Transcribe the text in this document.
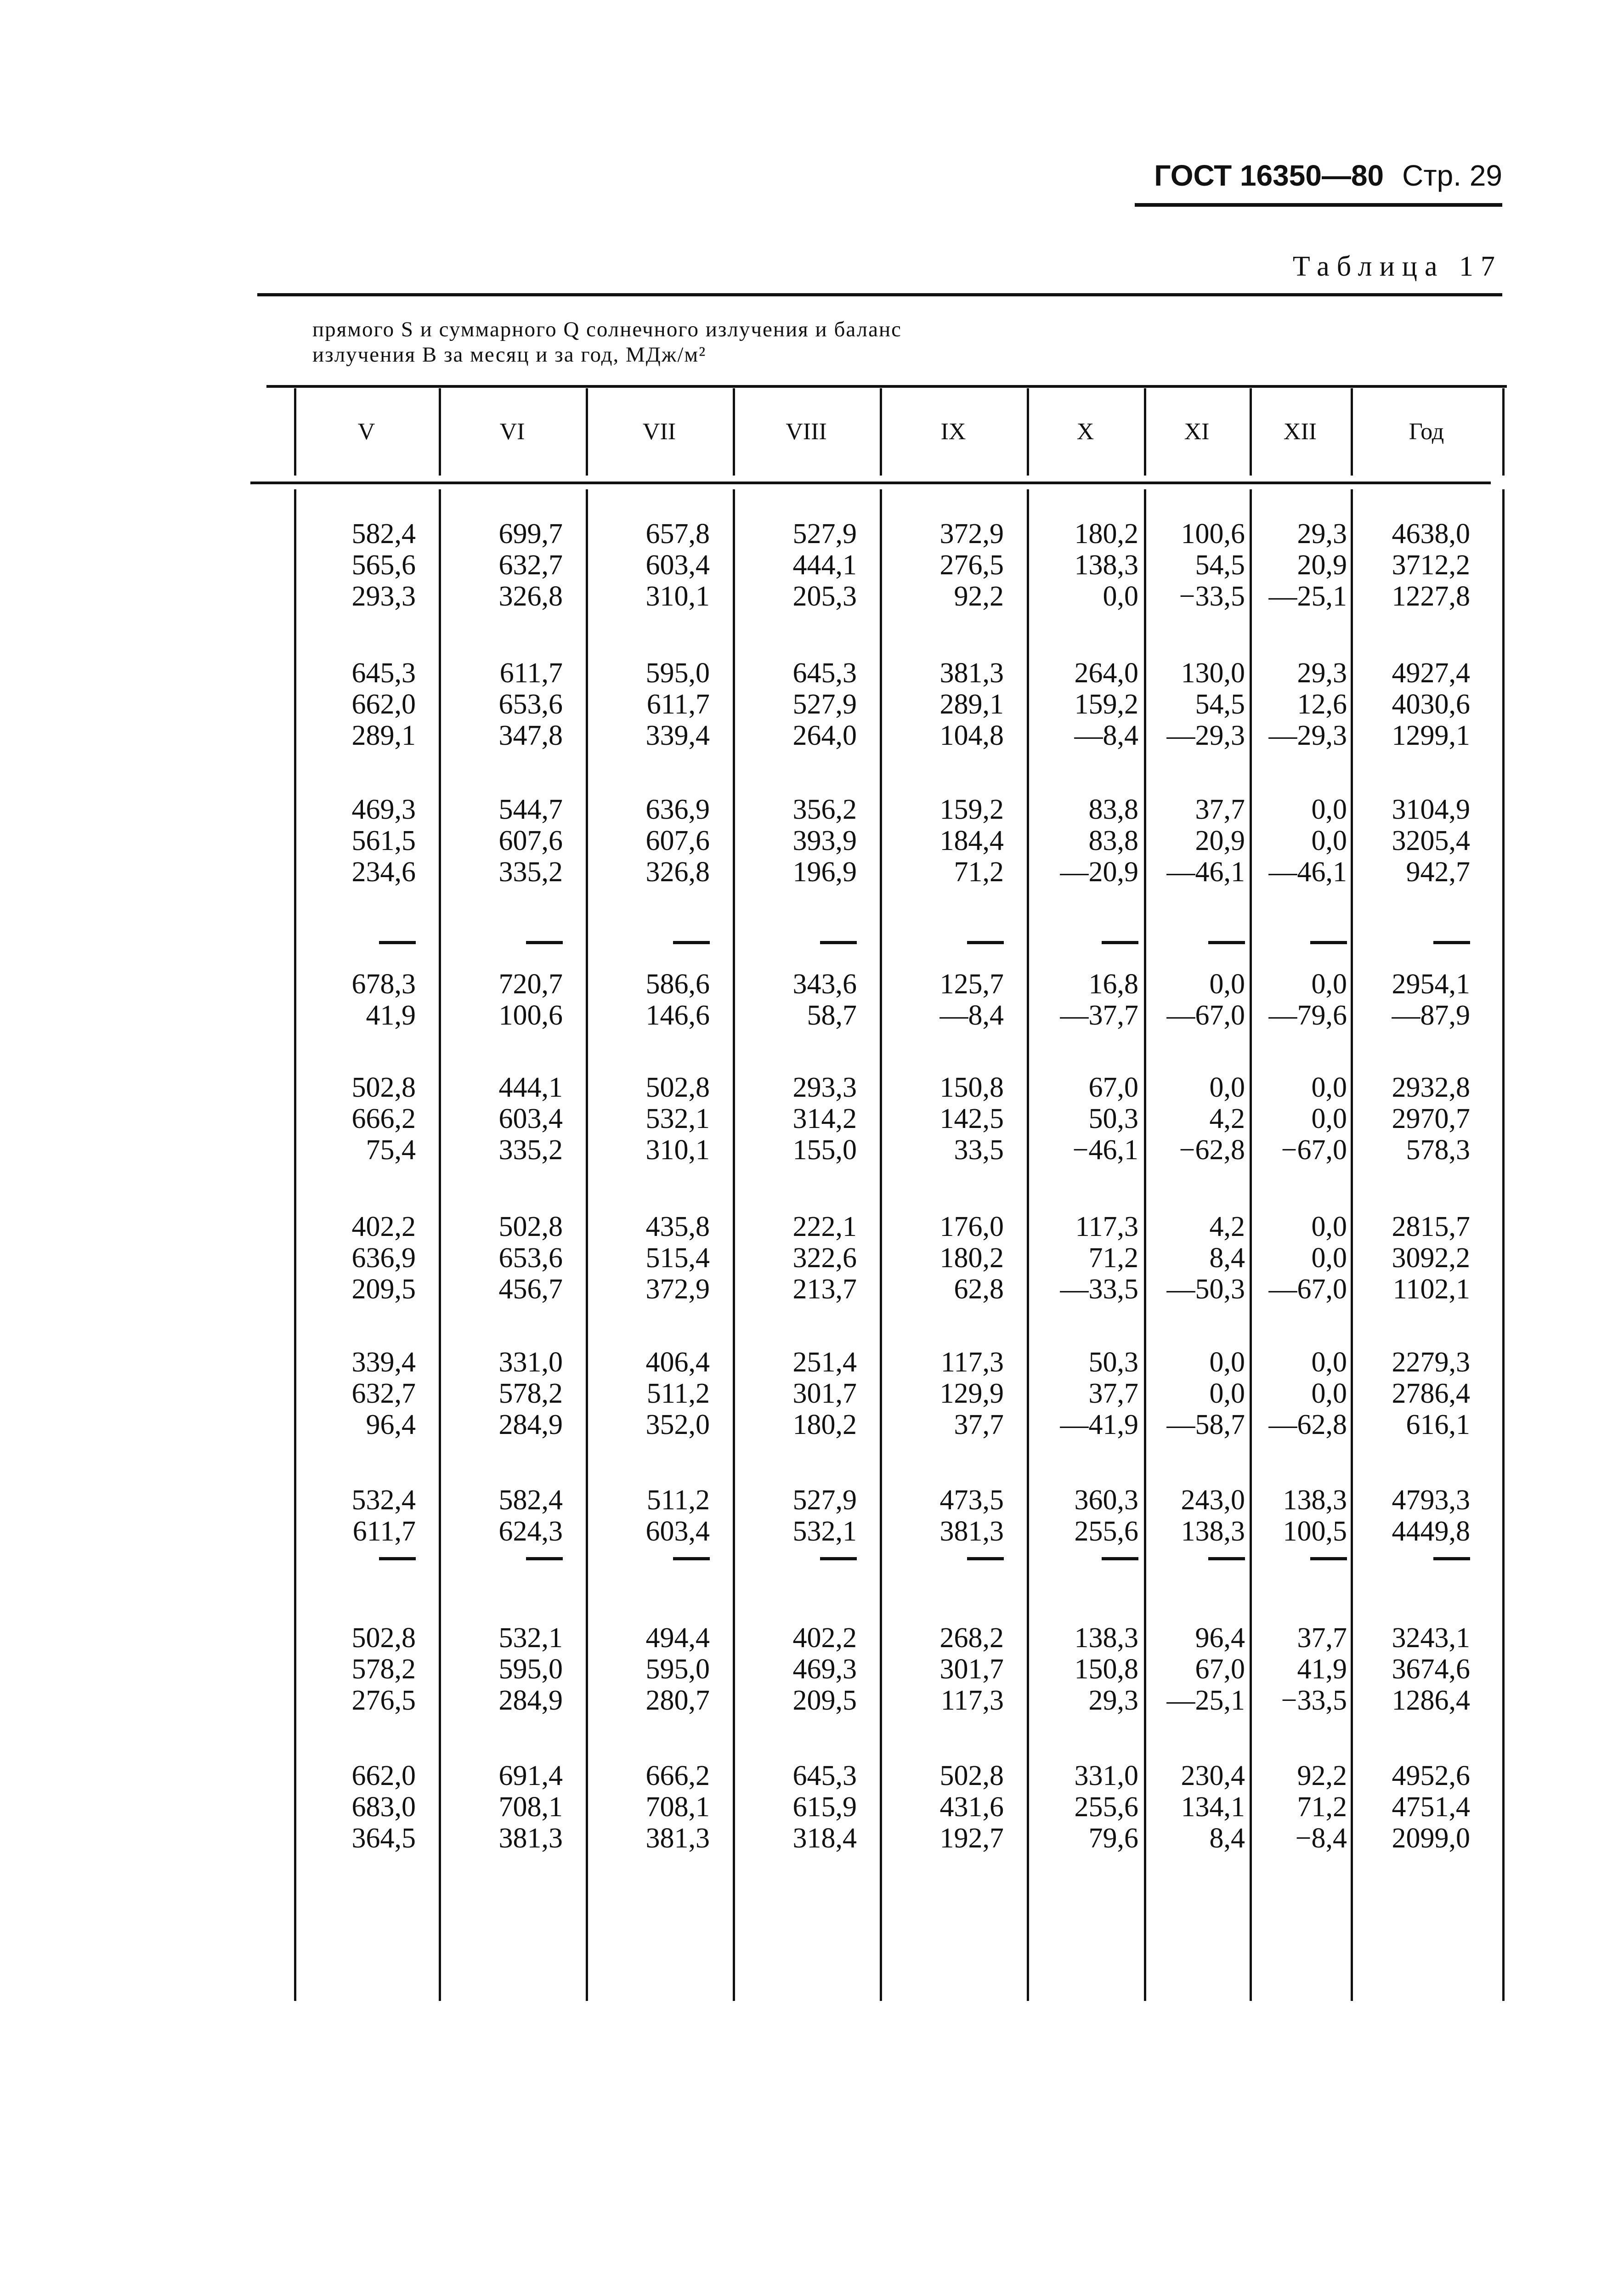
ГОСТ 16350—80 Стр. 29
Таблица 17
прямого S и суммарного Q солнечного излучения и баланс
излучения B за месяц и за год, МДж/м²
V	VI	VII	VIII	IX	X	XI	XII	Год
582,4	699,7	657,8	527,9	372,9 180,2 100,6 29,3 4638,0
565,6	632,7	603,4	444,1	276,5 138,3 54,5 20,9 3712,2
293,3	326,8	310,1	205,3	92,2	0,0 −33,5 —25,1 1227,8
645,3	611,7	595,0	645,3	381,3 264,0 130,0 29,3 4927,4
662,0	653,6	611,7	527,9	289,1 159,2 54,5 12,6 4030,6
289,1	347,8	339,4	264,0	104,8 —8,4 —29,3 —29,3 1299,1
469,3	544,7	636,9	356,2	159,2	83,8 37,7 0,0 3104,9
561,5	607,6	607,6	393,9	184,4	83,8 20,9 0,0 3205,4
234,6	335,2	326,8	196,9	71,2 —20,9 —46,1 —46,1 942,7
678,3	720,7	586,6	343,6	125,7	16,8 0,0 0,0 2954,1
41,9	100,6	146,6	58,7	—8,4 —37,7 —67,0 —79,6 —87,9
502,8	444,1	502,8	293,3	150,8	67,0 0,0 0,0 2932,8
666,2	603,4	532,1	314,2	142,5	50,3 4,2 0,0 2970,7
75,4	335,2	310,1	155,0	33,5 −46,1 −62,8 −67,0 578,3
402,2	502,8	435,8	222,1	176,0	117,3 4,2 0,0 2815,7
636,9	653,6	515,4	322,6	180,2	71,2 8,4 0,0 3092,2
209,5	456,7	372,9	213,7	62,8 —33,5 —50,3 —67,0 1102,1
339,4	331,0	406,4	251,4	117,3	50,3 0,0 0,0 2279,3
632,7	578,2	511,2	301,7	129,9	37,7 0,0 0,0 2786,4
96,4	284,9	352,0	180,2	37,7 —41,9 —58,7 —62,8 616,1
532,4	582,4	511,2	527,9	473,5 360,3 243,0 138,3 4793,3
611,7	624,3	603,4	532,1	381,3 255,6 138,3 100,5 4449,8
502,8	532,1	494,4	402,2	268,2 138,3 96,4 37,7 3243,1
578,2	595,0	595,0	469,3	301,7 150,8 67,0 41,9 3674,6
276,5	284,9	280,7	209,5	117,3	29,3 —25,1 −33,5 1286,4
662,0	691,4	666,2	645,3	502,8 331,0 230,4 92,2 4952,6
683,0	708,1	708,1	615,9	431,6 255,6 134,1 71,2 4751,4
364,5	381,3	381,3	318,4	192,7	79,6 8,4 −8,4 2099,0
